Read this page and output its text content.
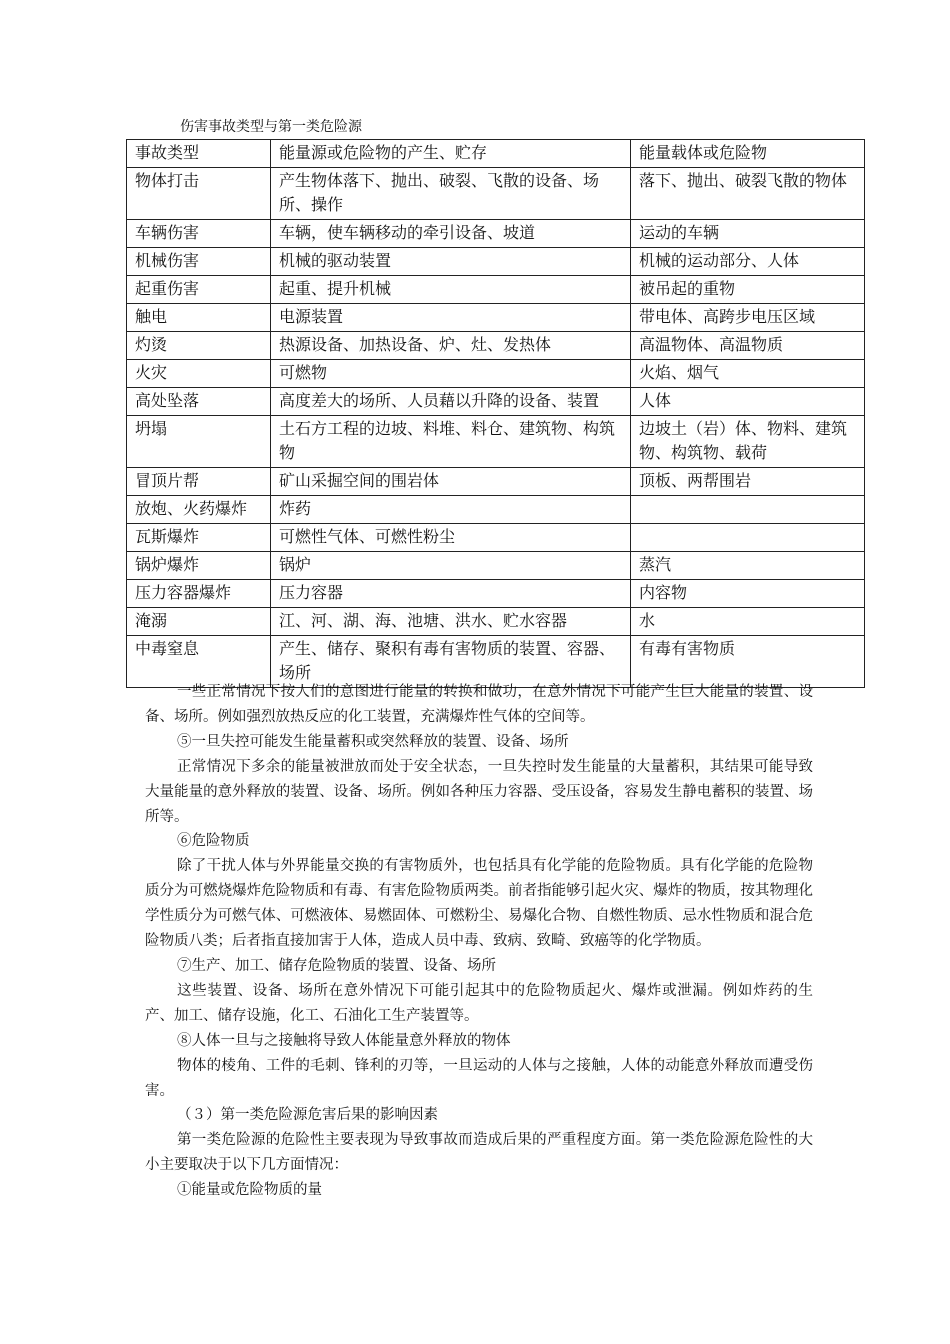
伤害事故类型与第一类危险源
事故类型	能量源或危险物的产生、贮存	能量载体或危险物
物体打击	产生物体落下、抛出、破裂、飞散的设备、场所、操作	落下、抛出、破裂飞散的物体
车辆伤害	车辆，使车辆移动的牵引设备、坡道	运动的车辆
机械伤害	机械的驱动装置	机械的运动部分、人体
起重伤害	起重、提升机械	被吊起的重物
触电	电源装置	带电体、高跨步电压区域
灼烫	热源设备、加热设备、炉、灶、发热体	高温物体、高温物质
火灾	可燃物	火焰、烟气
高处坠落	高度差大的场所、人员藉以升降的设备、装置	人体
坍塌	土石方工程的边坡、料堆、料仓、建筑物、构筑物	边坡土（岩）体、物料、建筑物、构筑物、载荷
冒顶片帮	矿山采掘空间的围岩体	顶板、两帮围岩
放炮、火药爆炸	炸药	
瓦斯爆炸	可燃性气体、可燃性粉尘	
锅炉爆炸	锅炉	蒸汽
压力容器爆炸	压力容器	内容物
淹溺	江、河、湖、海、池塘、洪水、贮水容器	水
中毒窒息	产生、储存、聚积有毒有害物质的装置、容器、场所	有毒有害物质

一些正常情况下按人们的意图进行能量的转换和做功，在意外情况下可能产生巨大能量的装置、设备、场所。例如强烈放热反应的化工装置，充满爆炸性气体的空间等。

⑤一旦失控可能发生能量蓄积或突然释放的装置、设备、场所

正常情况下多余的能量被泄放而处于安全状态，一旦失控时发生能量的大量蓄积，其结果可能导致大量能量的意外释放的装置、设备、场所。例如各种压力容器、受压设备，容易发生静电蓄积的装置、场所等。

⑥危险物质

除了干扰人体与外界能量交换的有害物质外，也包括具有化学能的危险物质。具有化学能的危险物质分为可燃烧爆炸危险物质和有毒、有害危险物质两类。前者指能够引起火灾、爆炸的物质，按其物理化学性质分为可燃气体、可燃液体、易燃固体、可燃粉尘、易爆化合物、自燃性物质、忌水性物质和混合危险物质八类；后者指直接加害于人体，造成人员中毒、致病、致畸、致癌等的化学物质。

⑦生产、加工、储存危险物质的装置、设备、场所

这些装置、设备、场所在意外情况下可能引起其中的危险物质起火、爆炸或泄漏。例如炸药的生产、加工、储存设施，化工、石油化工生产装置等。

⑧人体一旦与之接触将导致人体能量意外释放的物体

物体的棱角、工件的毛刺、锋利的刃等，一旦运动的人体与之接触，人体的动能意外释放而遭受伤害。

（３）第一类危险源危害后果的影响因素

第一类危险源的危险性主要表现为导致事故而造成后果的严重程度方面。第一类危险源危险性的大小主要取决于以下几方面情况：

①能量或危险物质的量
